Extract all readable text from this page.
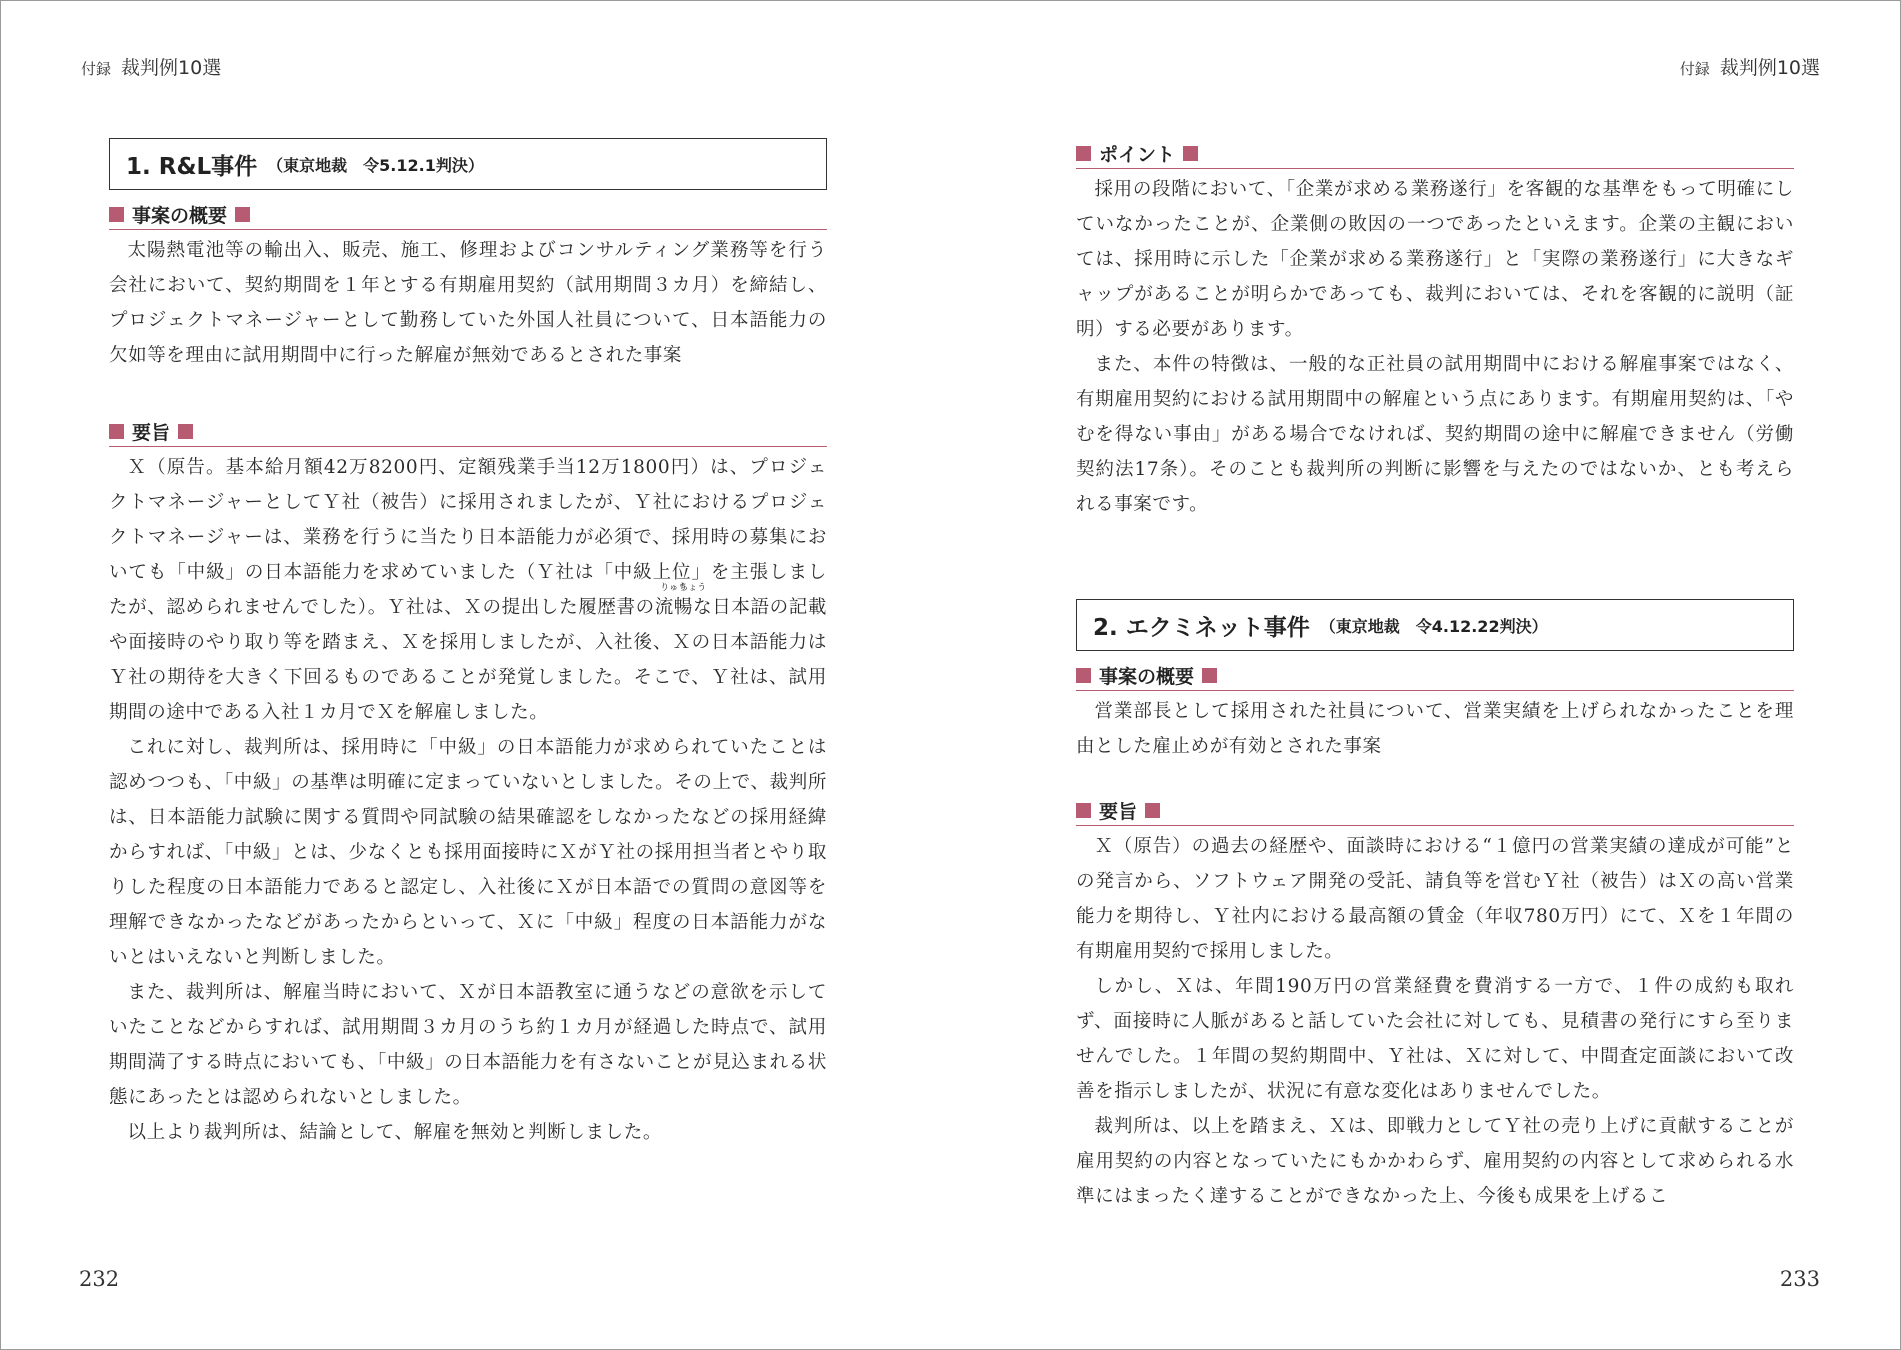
付録 裁判例10選	付録 裁判例10選
1. R&L事件 （東京地裁　令5.12.1判決）
事案の概要

太陽熱電池等の輸出入、販売、施工、修理およびコンサルティング業務等を行う会社において、契約期間を１年とする有期雇用契約（試用期間３カ月）を締結し、プロジェクトマネージャーとして勤務していた外国人社員について、日本語能力の欠如等を理由に試用期間中に行った解雇が無効であるとされた事案

要旨

Ｘ（原告。基本給月額42万8200円、定額残業手当12万1800円）は、プロジェクトマネージャーとしてＹ社（被告）に採用されましたが、Ｙ社におけるプロジェクトマネージャーは、業務を行うに当たり日本語能力が必須で、採用時の募集においても「中級」の日本語能力を求めていました（Ｙ社は「中級上位」を主張しましたが、認められませんでした）。Ｙ社は、Ｘの提出した履歴書の
りゅう
流
ちょう
暢な日本語の記載や面接時のやり取り等を踏まえ、Ｘを採用しましたが、入社後、Ｘの日本語能力はＹ社の期待を大きく下回るものであることが発覚しました。そこで、Ｙ社は、試用期間の途中である入社１カ月でＸを解雇しました。

これに対し、裁判所は、採用時に「中級」の日本語能力が求められていたことは認めつつも、「中級」の基準は明確に定まっていないとしました。その上で、裁判所は、日本語能力試験に関する質問や同試験の結果確認をしなかったなどの採用経緯からすれば、「中級」とは、少なくとも採用面接時にＸがＹ社の採用担当者とやり取りした程度の日本語能力であると認定し、入社後にＸが日本語での質問の意図等を理解できなかったなどがあったからといって、Ｘに「中級」程度の日本語能力がないとはいえないと判断しました。

また、裁判所は、解雇当時において、Ｘが日本語教室に通うなどの意欲を示していたことなどからすれば、試用期間３カ月のうち約１カ月が経過した時点で、試用期間満了する時点においても、「中級」の日本語能力を有さないことが見込まれる状態にあったとは認められないとしました。

以上より裁判所は、結論として、解雇を無効と判断しました。

ポイント

採用の段階において、「企業が求める業務遂行」を客観的な基準をもって明確にしていなかったことが、企業側の敗因の一つであったといえます。企業の主観においては、採用時に示した「企業が求める業務遂行」と「実際の業務遂行」に大きなギャップがあることが明らかであっても、裁判においては、それを客観的に説明（証明）する必要があります。

また、本件の特徴は、一般的な正社員の試用期間中における解雇事案ではなく、有期雇用契約における試用期間中の解雇という点にあります。有期雇用契約は、「やむを得ない事由」がある場合でなければ、契約期間の途中に解雇できません（労働契約法17条）。そのことも裁判所の判断に影響を与えたのではないか、とも考えられる事案です。

2. エクミネット事件 （東京地裁　令4.12.22判決）
事案の概要

営業部長として採用された社員について、営業実績を上げられなかったことを理由とした雇止めが有効とされた事案

要旨

Ｘ（原告）の過去の経歴や、面談時における“１億円の営業実績の達成が可能”との発言から、ソフトウェア開発の受託、請負等を営むＹ社（被告）はＸの高い営業能力を期待し、Ｙ社内における最高額の賃金（年収780万円）にて、Ｘを１年間の有期雇用契約で採用しました。

しかし、Ｘは、年間190万円の営業経費を費消する一方で、１件の成約も取れず、面接時に人脈があると話していた会社に対しても、見積書の発行にすら至りませんでした。１年間の契約期間中、Ｙ社は、Ｘに対して、中間査定面談において改善を指示しましたが、状況に有意な変化はありませんでした。

裁判所は、以上を踏まえ、Ｘは、即戦力としてＹ社の売り上げに貢献することが雇用契約の内容となっていたにもかかわらず、雇用契約の内容として求められる水準にはまったく達することができなかった上、今後も成果を上げるこ

232	233
